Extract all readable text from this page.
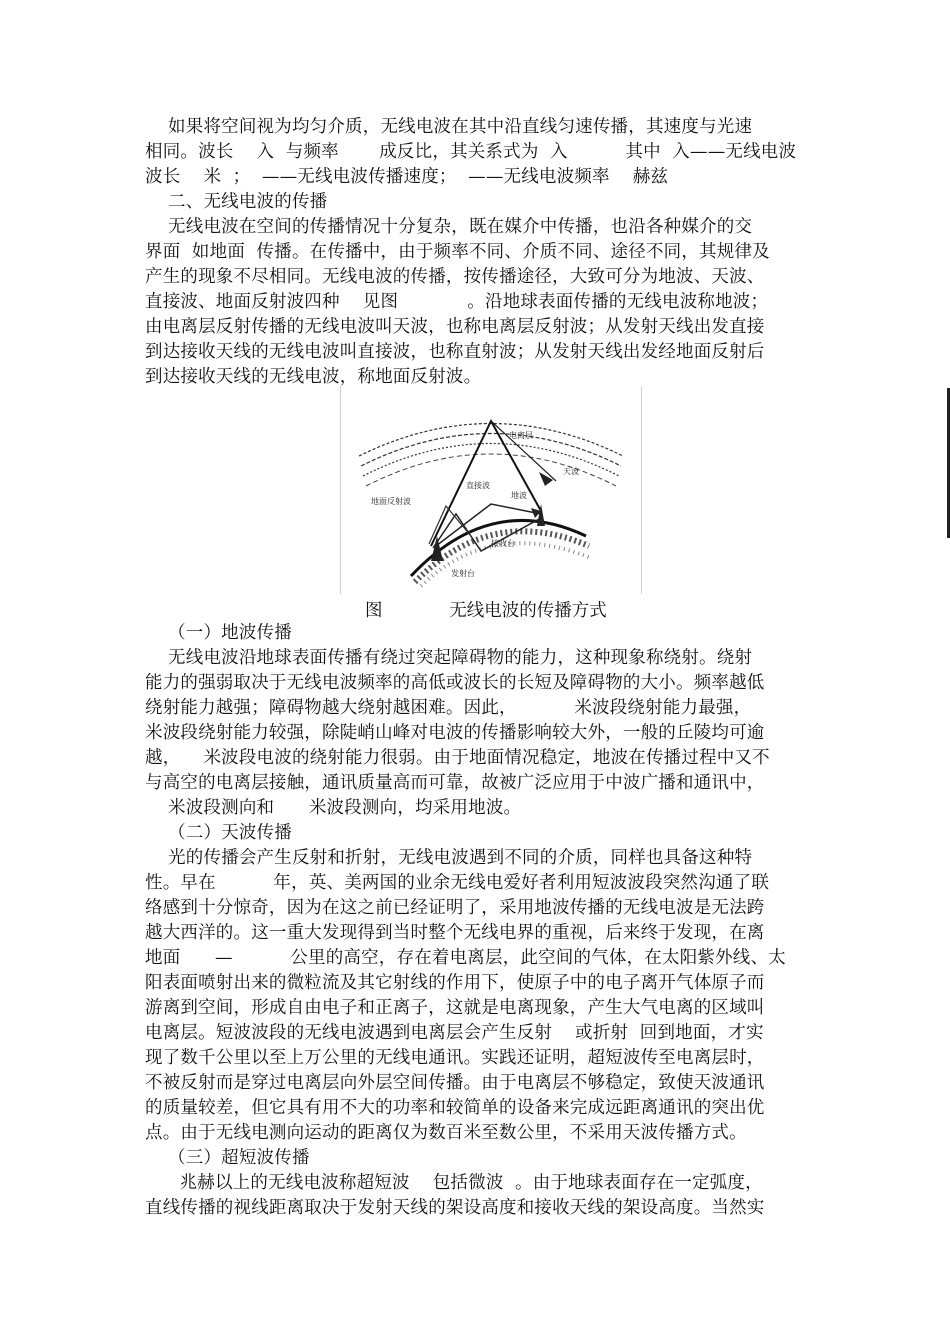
如果将空间视为均匀介质，无线电波在其中沿直线匀速传播，其速度与光速
相同。波长    入  与频率       成反比，其关系式为  入          其中  入——无线电波
波长    米  ；  ——无线电波传播速度；  ——无线电波频率    赫兹
二、无线电波的传播
无线电波在空间的传播情况十分复杂，既在媒介中传播，也沿各种媒介的交
界面  如地面  传播。在传播中，由于频率不同、介质不同、途径不同，其规律及
产生的现象不尽相同。无线电波的传播，按传播途径，大致可分为地波、天波、
直接波、地面反射波四种    见图            。沿地球表面传播的无线电波称地波；
由电离层反射传播的无线电波叫天波，也称电离层反射波；从发射天线出发直接
到达接收天线的无线电波叫直接波，也称直射波；从发射天线出发经地面反射后
到达接收天线的无线电波，称地面反射波。
电离层
天波
地面反射波
直接波
地波
接收台
发射台
图            无线电波的传播方式
（一）地波传播
无线电波沿地球表面传播有绕过突起障碍物的能力，这种现象称绕射。绕射
能力的强弱取决于无线电波频率的高低或波长的长短及障碍物的大小。频率越低
绕射能力越强；障碍物越大绕射越困难。因此，          米波段绕射能力最强，
米波段绕射能力较强，除陡峭山峰对电波的传播影响较大外，一般的丘陵均可逾
越，    米波段电波的绕射能力很弱。由于地面情况稳定，地波在传播过程中又不
与高空的电离层接触，通讯质量高而可靠，故被广泛应用于中波广播和通讯中，
米波段测向和      米波段测向，均采用地波。
（二）天波传播
光的传播会产生反射和折射，无线电波遇到不同的介质，同样也具备这种特
性。早在          年，英、美两国的业余无线电爱好者利用短波波段突然沟通了联
络感到十分惊奇，因为在这之前已经证明了，采用地波传播的无线电波是无法跨
越大西洋的。这一重大发现得到当时整个无线电界的重视，后来终于发现，在离
地面      —          公里的高空，存在着电离层，此空间的气体，在太阳紫外线、太
阳表面喷射出来的微粒流及其它射线的作用下，使原子中的电子离开气体原子而
游离到空间，形成自由电子和正离子，这就是电离现象，产生大气电离的区域叫
电离层。短波波段的无线电波遇到电离层会产生反射    或折射  回到地面，才实
现了数千公里以至上万公里的无线电通讯。实践还证明，超短波传至电离层时，
不被反射而是穿过电离层向外层空间传播。由于电离层不够稳定，致使天波通讯
的质量较差，但它具有用不大的功率和较简单的设备来完成远距离通讯的突出优
点。由于无线电测向运动的距离仅为数百米至数公里，不采用天波传播方式。
（三）超短波传播
兆赫以上的无线电波称超短波    包括微波  。由于地球表面存在一定弧度，
直线传播的视线距离取决于发射天线的架设高度和接收天线的架设高度。当然实
